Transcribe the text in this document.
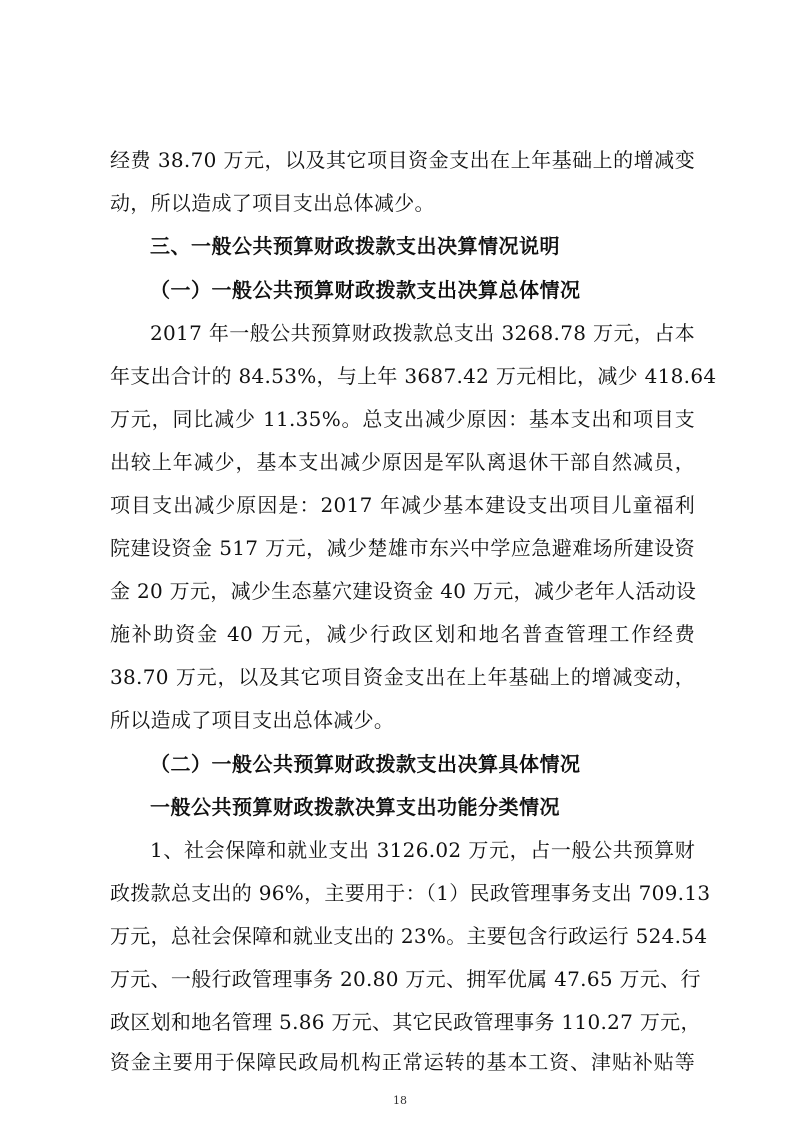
经费 38.70 万元，以及其它项目资金支出在上年基础上的增减变
动，所以造成了项目支出总体减少。
三、一般公共预算财政拨款支出决算情况说明
（一）一般公共预算财政拨款支出决算总体情况
2017 年一般公共预算财政拨款总支出 3268.78 万元，占本
年支出合计的 84.53%，与上年 3687.42 万元相比，减少 418.64
万元，同比减少 11.35%。总支出减少原因：基本支出和项目支
出较上年减少，基本支出减少原因是军队离退休干部自然减员，
项目支出减少原因是：2017 年减少基本建设支出项目儿童福利
院建设资金 517 万元，减少楚雄市东兴中学应急避难场所建设资
金 20 万元，减少生态墓穴建设资金 40 万元，减少老年人活动设
施补助资金 40 万元，减少行政区划和地名普查管理工作经费
38.70 万元，以及其它项目资金支出在上年基础上的增减变动，
所以造成了项目支出总体减少。
（二）一般公共预算财政拨款支出决算具体情况
一般公共预算财政拨款决算支出功能分类情况
1、社会保障和就业支出 3126.02 万元，占一般公共预算财
政拨款总支出的 96%，主要用于：（1）民政管理事务支出 709.13
万元，总社会保障和就业支出的 23%。主要包含行政运行 524.54
万元、一般行政管理事务 20.80 万元、拥军优属 47.65 万元、行
政区划和地名管理 5.86 万元、其它民政管理事务 110.27 万元，
资金主要用于保障民政局机构正常运转的基本工资、津贴补贴等
18
